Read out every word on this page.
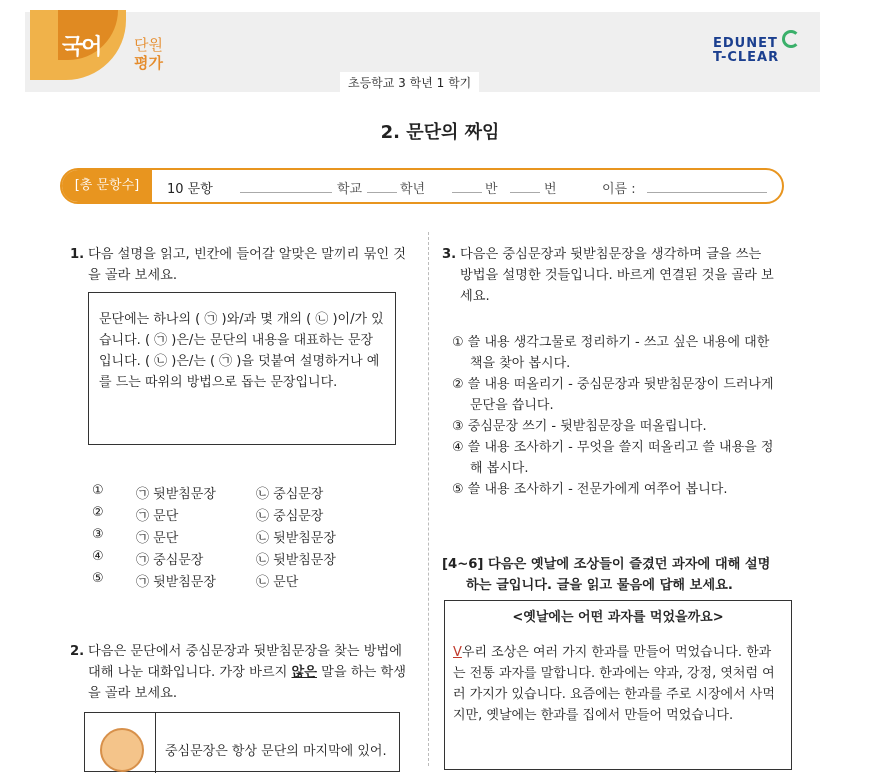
국어 단원
평가
초등학교 3 학년 1 학기
EDUNET
T-CLEAR
2. 문단의 짜임
[총 문항수]	10 문항	학교	학년	반	번	이름 :
1. 다음 설명을 읽고, 빈칸에 들어갈 알맞은 말끼리 묶인 것을 골라 보세요.
문단에는 하나의 ( ㉠ )와/과 몇 개의 ( ㉡ )이/가 있습니다. ( ㉠ )은/는 문단의 내용을 대표하는 문장입니다. ( ㉡ )은/는 ( ㉠ )을 덧붙여 설명하거나 예를 드는 따위의 방법으로 돕는 문장입니다.
① ㉠ 뒷받침문장	㉡ 중심문장
② ㉠ 문단	㉡ 중심문장
③ ㉠ 문단	㉡ 뒷받침문장
④ ㉠ 중심문장	㉡ 뒷받침문장
⑤ ㉠ 뒷받침문장	㉡ 문단
2. 다음은 문단에서 중심문장과 뒷받침문장을 찾는 방법에 대해 나눈 대화입니다. 가장 바르지 않은 말을 하는 학생을 골라 보세요.
중심문장은 항상 문단의 마지막에 있어.
3. 다음은 중심문장과 뒷받침문장을 생각하며 글을 쓰는 방법을 설명한 것들입니다. 바르게 연결된 것을 골라 보세요.
① 쓸 내용 생각그물로 정리하기 - 쓰고 싶은 내용에 대한 책을 찾아 봅시다.
② 쓸 내용 떠올리기 - 중심문장과 뒷받침문장이 드러나게 문단을 씁니다.
③ 중심문장 쓰기 - 뒷받침문장을 떠올립니다.
④ 쓸 내용 조사하기 - 무엇을 쓸지 떠올리고 쓸 내용을 정해 봅시다.
⑤ 쓸 내용 조사하기 - 전문가에게 여쭈어 봅니다.
[4~6] 다음은 옛날에 조상들이 즐겼던 과자에 대해 설명하는 글입니다. 글을 읽고 물음에 답해 보세요.
<옛날에는 어떤 과자를 먹었을까요>
V우리 조상은 여러 가지 한과를 만들어 먹었습니다. 한과는 전통 과자를 말합니다. 한과에는 약과, 강정, 엿처럼 여러 가지가 있습니다. 요즘에는 한과를 주로 시장에서 사먹지만, 옛날에는 한과를 집에서 만들어 먹었습니다.
